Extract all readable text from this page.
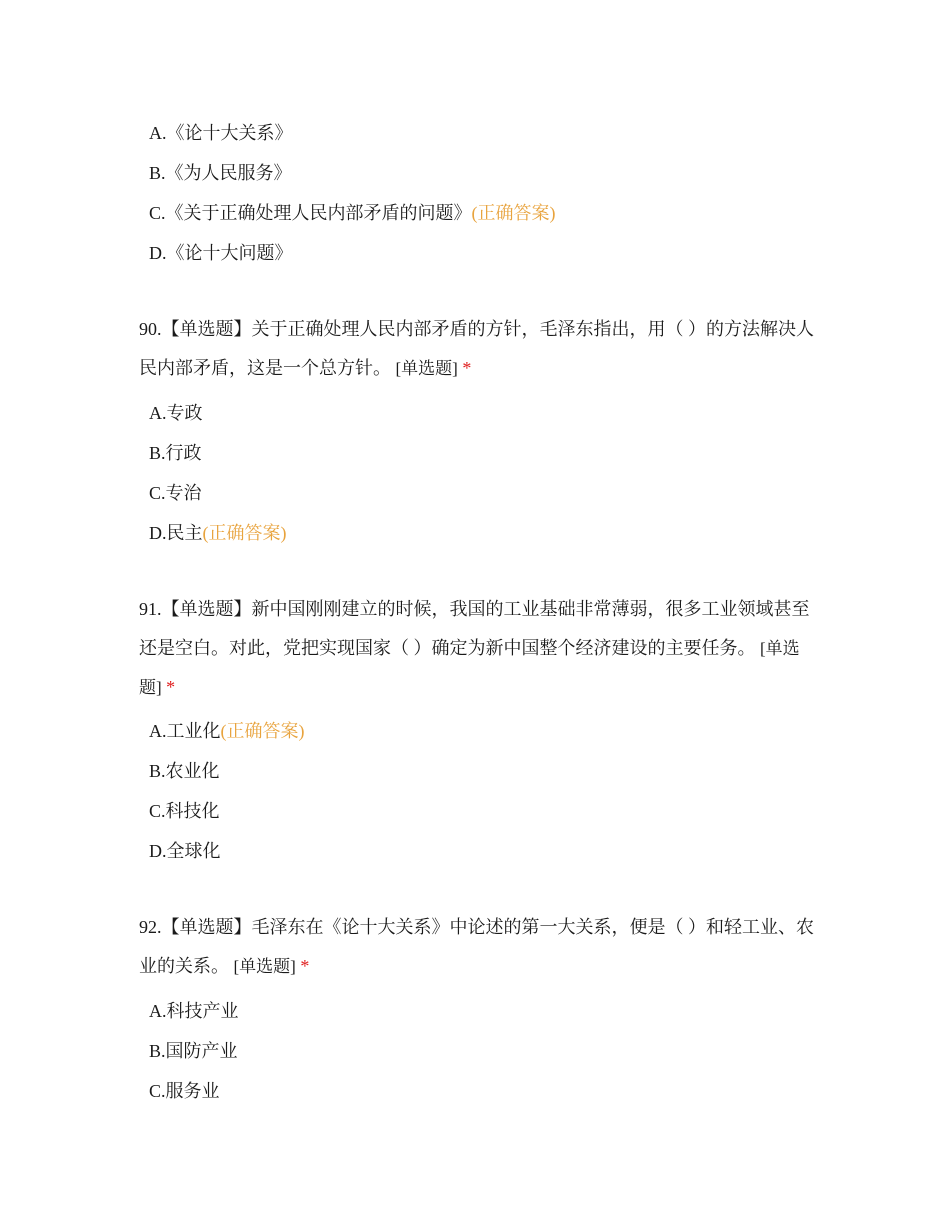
A.《论十大关系》
B.《为人民服务》
C.《关于正确处理人民内部矛盾的问题》(正确答案)
D.《论十大问题》

90.【单选题】关于正确处理人民内部矛盾的方针，毛泽东指出，用（ ）的方法解决人民内部矛盾，这是一个总方针。 [单选题] *

A.专政
B.行政
C.专治
D.民主(正确答案)

91.【单选题】新中国刚刚建立的时候，我国的工业基础非常薄弱，很多工业领域甚至还是空白。对此，党把实现国家（ ）确定为新中国整个经济建设的主要任务。 [单选题] *

A.工业化(正确答案)
B.农业化
C.科技化
D.全球化

92.【单选题】毛泽东在《论十大关系》中论述的第一大关系，便是（ ）和轻工业、农业的关系。 [单选题] *

A.科技产业
B.国防产业
C.服务业
